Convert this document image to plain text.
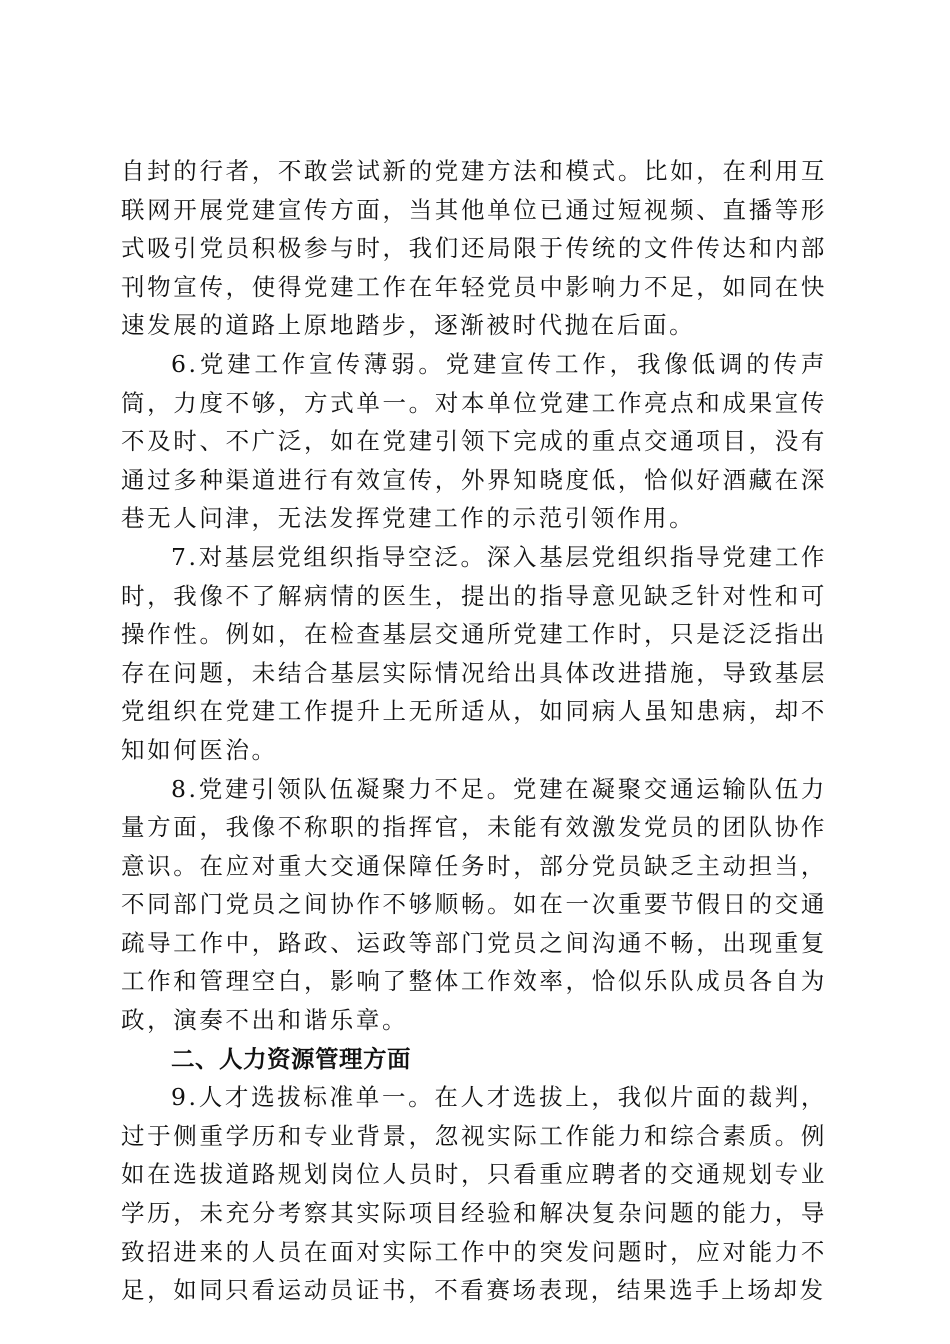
自封的行者，不敢尝试新的党建方法和模式。比如，在利用互联网开展党建宣传方面，当其他单位已通过短视频、直播等形式吸引党员积极参与时，我们还局限于传统的文件传达和内部刊物宣传，使得党建工作在年轻党员中影响力不足，如同在快速发展的道路上原地踏步，逐渐被时代抛在后面。

6.党建工作宣传薄弱。党建宣传工作，我像低调的传声筒，力度不够，方式单一。对本单位党建工作亮点和成果宣传不及时、不广泛，如在党建引领下完成的重点交通项目，没有通过多种渠道进行有效宣传，外界知晓度低，恰似好酒藏在深巷无人问津，无法发挥党建工作的示范引领作用。

7.对基层党组织指导空泛。深入基层党组织指导党建工作时，我像不了解病情的医生，提出的指导意见缺乏针对性和可操作性。例如，在检查基层交通所党建工作时，只是泛泛指出存在问题，未结合基层实际情况给出具体改进措施，导致基层党组织在党建工作提升上无所适从，如同病人虽知患病，却不知如何医治。

8.党建引领队伍凝聚力不足。党建在凝聚交通运输队伍力量方面，我像不称职的指挥官，未能有效激发党员的团队协作意识。在应对重大交通保障任务时，部分党员缺乏主动担当，不同部门党员之间协作不够顺畅。如在一次重要节假日的交通疏导工作中，路政、运政等部门党员之间沟通不畅，出现重复工作和管理空白，影响了整体工作效率，恰似乐队成员各自为政，演奏不出和谐乐章。

二、人力资源管理方面

9.人才选拔标准单一。在人才选拔上，我似片面的裁判，过于侧重学历和专业背景，忽视实际工作能力和综合素质。例如在选拔道路规划岗位人员时，只看重应聘者的交通规划专业学历，未充分考察其实际项目经验和解决复杂问题的能力，导致招进来的人员在面对实际工作中的突发问题时，应对能力不足，如同只看运动员证书，不看赛场表现，结果选手上场却发
